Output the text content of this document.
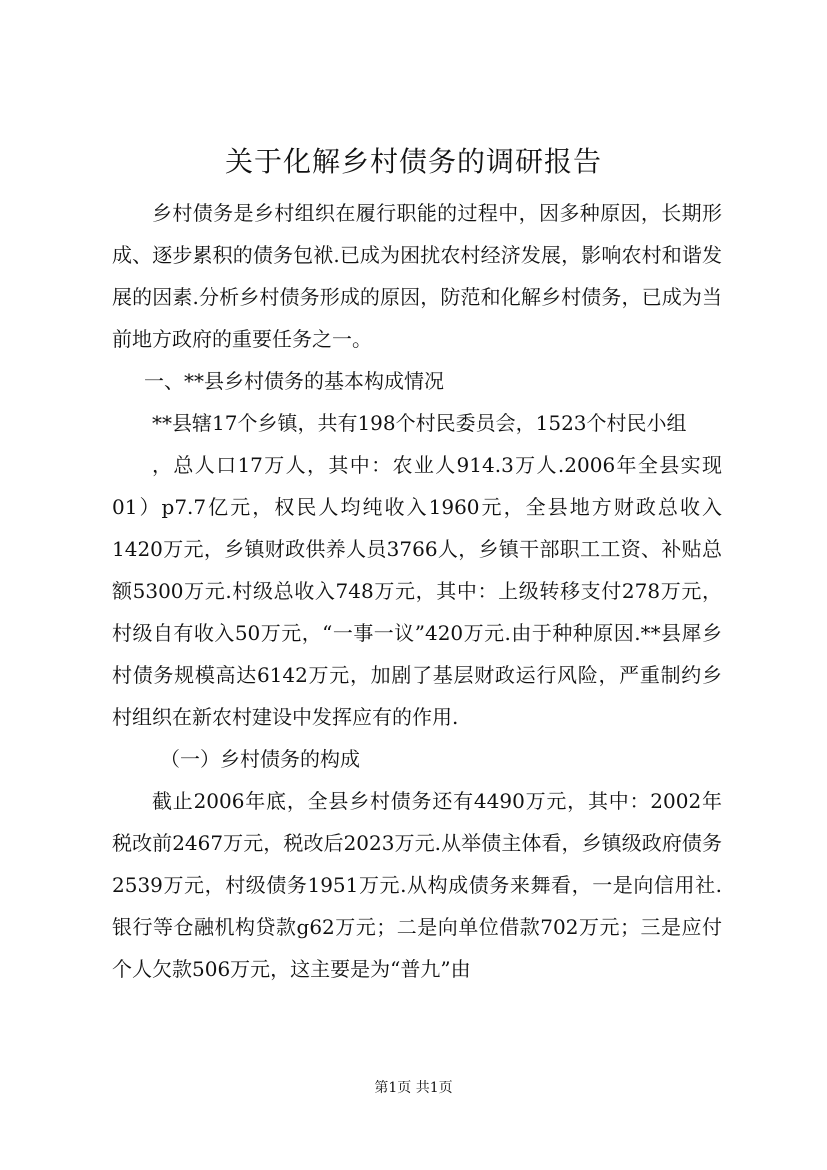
关于化解乡村债务的调研报告

乡村债务是乡村组织在履行职能的过程中，因多种原因，长期形成、逐步累积的债务包袱.已成为困扰农村经济发展，影响农村和谐发展的因素.分析乡村债务形成的原因，防范和化解乡村债务，已成为当前地方政府的重要任务之一。

一、**县乡村债务的基本构成情况

**县辖17个乡镇，共有198个村民委员会，1523个村民小组

，总人口17万人，其中：农业人914.3万人.2006年全县实现01）p7.7亿元，权民人均纯收入1960元，全县地方财政总收入1420万元，乡镇财政供养人员3766人，乡镇干部职工工资、补贴总额5300万元.村级总收入748万元，其中：上级转移支付278万元，村级自有收入50万元，“一事一议”420万元.由于种种原因.**县犀乡村债务规模高达6142万元，加剧了基层财政运行风险，严重制约乡村组织在新农村建设中发挥应有的作用.

（一）乡村债务的构成

截止2006年底，全县乡村债务还有4490万元，其中：2002年税改前2467万元，税改后2023万元.从举债主体看，乡镇级政府债务2539万元，村级债务1951万元.从构成债务来舞看，一是向信用社.银行等仓融机构贷款g62万元；二是向单位借款702万元；三是应付个人欠款506万元，这主要是为“普九”由

第1页 共1页
